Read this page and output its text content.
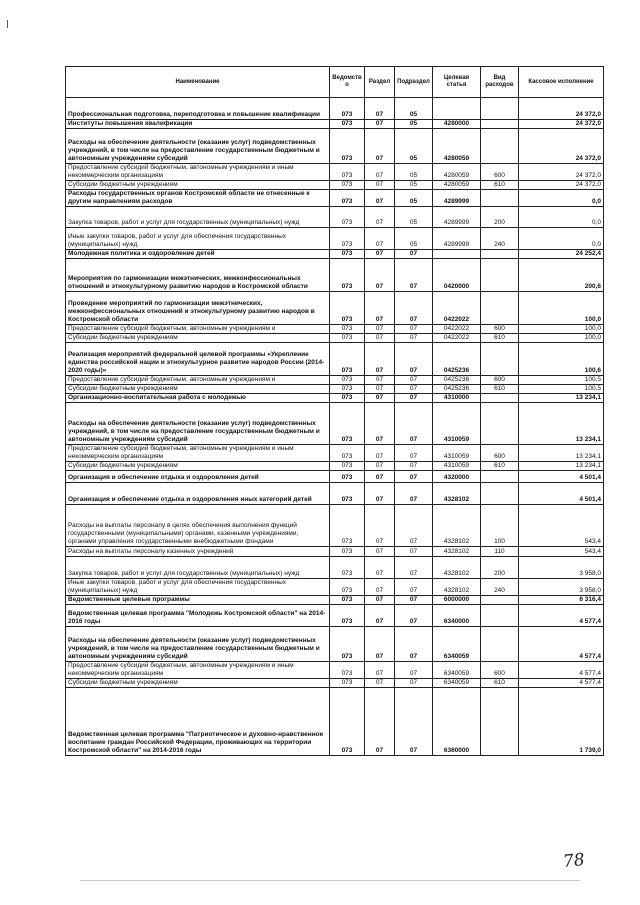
Наименование	Ведомство	Раздел	Подраздел	Целевая статья	Вид расходов	Кассовое исполнение
Профессиональная подготовка, переподготовка и повышение квалификации	073	07	05			24 372,0
Институты повышения квалификации	073	07	05	4280000		24 372,0
Расходы на обеспечение деятельности (оказание услуг) подведомственных учреждений, в том числе на предоставление государственным бюджетным и автономным учреждениям субсидий	073	07	05	4280059		24 372,0
Предоставление субсидий бюджетным, автономным учреждениям и иным некоммерческим организациям	073	07	05	4280059	600	24 372,0
Субсидии бюджетным учреждениям	073	07	05	4280059	610	24 372,0
Расходы государственных органов Костромской области не отнесенные к другим направлениям расходов	073	07	05	4289999		0,0
Закупка товаров, работ и услуг для государственных (муниципальных) нужд	073	07	05	4289999	200	0,0
Иные закупки товаров, работ и услуг для обеспечения государственных (муниципальных) нужд	073	07	05	4289999	240	0,0
Молодежная политика и оздоровление детей	073	07	07			24 252,4
Мероприятия по гармонизации межэтнических, межконфессиональных отношений и этнокультурному развитию народов в Костромской области	073	07	07	0420000		200,6
Проведение мероприятий по гармонизации межэтнических, межконфессиональных отношений и этнокультурному развитию народов в Костромской области	073	07	07	0422022		100,0
Предоставление субсидий бюджетным, автономным учреждениям и	073	07	07	0422022	600	100,0
Субсидии бюджетным учреждениям	073	07	07	0422022	610	100,0
Реализация мероприятий федеральной целевой программы «Укрепление единства российской нации и этнокультурное развитие народов России (2014-2020 годы)»	073	07	07	0425236		100,6
Предоставление субсидий бюджетным, автономным учреждениям и	073	07	07	0425236	600	100,5
Субсидии бюджетным учреждениям	073	07	07	0425236	610	100,5
Организационно-воспитательная работа с молодежью	073	07	07	4310000		13 234,1
Расходы на обеспечение деятельности (оказание услуг) подведомственных учреждений, в том числе на предоставление государственным бюджетным и автономным учреждениям субсидий	073	07	07	4310059		13 234,1
Предоставление субсидий бюджетным, автономным учреждениям и иным некоммерческим организациям	073	07	07	4310059	600	13 234,1
Субсидии бюджетным учреждениям	073	07	07	4310059	610	13 234,1
Организация и обеспечение отдыха и оздоровления детей	073	07	07	4320000		4 501,4
Организация и обеспечение отдыха и оздоровления иных категорий детей	073	07	07	4328102		4 501,4
Расходы на выплаты персоналу в целях обеспечения выполнения функций государственными (муниципальными) органами, казенными учреждениями, органами управления государственными внебюджетными фондами	073	07	07	4328102	100	543,4
Расходы на выплаты персоналу казенных учреждений	073	07	07	4328102	110	543,4
Закупка товаров, работ и услуг для государственных (муниципальных) нужд	073	07	07	4328102	200	3 958,0
Иные закупки товаров, работ и услуг для обеспечения государственных (муниципальных) нужд	073	07	07	4328102	240	3 958,0
Ведомственные целевые программы	073	07	07	6000000		6 316,4
Ведомственная целевая программа "Молодежь Костромской области" на 2014-2016 годы	073	07	07	6340000		4 577,4
Расходы на обеспечение деятельности (оказание услуг) подведомственных учреждений, в том числе на предоставление государственным бюджетным и автономным учреждениям субсидий	073	07	07	6340059		4 577,4
Предоставление субсидий бюджетным, автономным учреждениям и иным некоммерческим организациям	073	07	07	6340059	600	4 577,4
Субсидии бюджетным учреждениям	073	07	07	6340059	610	4 577,4
Ведомственная целевая программа "Патриотическое и духовно-нравственное воспитание граждан Российской Федерации, проживающих на территории Костромской области" на 2014-2016 годы	073	07	07	6360000		1 739,0
78
